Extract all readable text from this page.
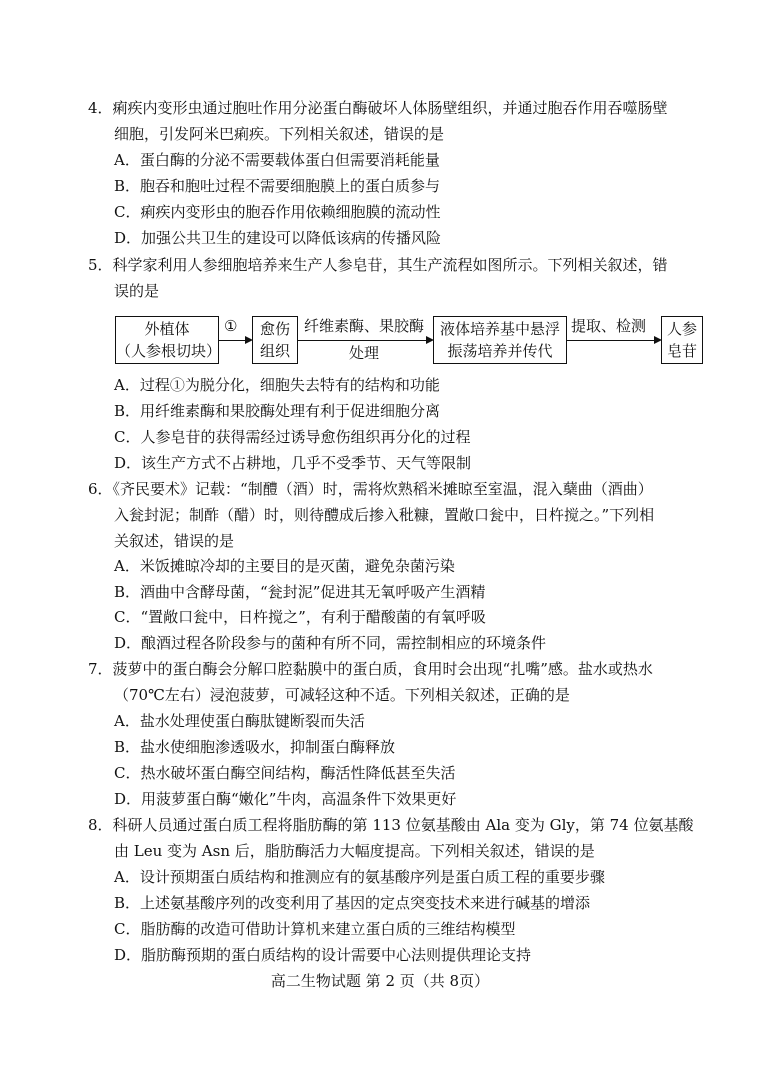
4．痢疾内变形虫通过胞吐作用分泌蛋白酶破坏人体肠壁组织，并通过胞吞作用吞噬肠壁
细胞，引发阿米巴痢疾。下列相关叙述，错误的是
A．蛋白酶的分泌不需要载体蛋白但需要消耗能量
B．胞吞和胞吐过程不需要细胞膜上的蛋白质参与
C．痢疾内变形虫的胞吞作用依赖细胞膜的流动性
D．加强公共卫生的建设可以降低该病的传播风险
5．科学家利用人参细胞培养来生产人参皂苷，其生产流程如图所示。下列相关叙述，错
误的是
外植体
（人参根切块）
① 愈伤
组织
纤维素酶、果胶酶
处理
液体培养基中悬浮
振荡培养并传代
提取、检测 人参
皂苷
A．过程①为脱分化，细胞失去特有的结构和功能
B．用纤维素酶和果胶酶处理有利于促进细胞分离
C．人参皂苷的获得需经过诱导愈伤组织再分化的过程
D．该生产方式不占耕地，几乎不受季节、天气等限制
6．《齐民要术》记载：“制醴（酒）时，需将炊熟稻米摊晾至室温，混入蘖曲（酒曲）
入瓮封泥；制酢（醋）时，则待醴成后掺入秕糠，置敞口瓮中，日杵搅之。”下列相
关叙述，错误的是
A．米饭摊晾冷却的主要目的是灭菌，避免杂菌污染
B．酒曲中含酵母菌，“瓮封泥”促进其无氧呼吸产生酒精
C．“置敞口瓮中，日杵搅之”，有利于醋酸菌的有氧呼吸
D．酿酒过程各阶段参与的菌种有所不同，需控制相应的环境条件
7．菠萝中的蛋白酶会分解口腔黏膜中的蛋白质，食用时会出现“扎嘴”感。盐水或热水
（70℃左右）浸泡菠萝，可减轻这种不适。下列相关叙述，正确的是
A．盐水处理使蛋白酶肽键断裂而失活
B．盐水使细胞渗透吸水，抑制蛋白酶释放
C．热水破坏蛋白酶空间结构，酶活性降低甚至失活
D．用菠萝蛋白酶“嫩化”牛肉，高温条件下效果更好
8．科研人员通过蛋白质工程将脂肪酶的第 113 位氨基酸由 Ala 变为 Gly，第 74 位氨基酸
由 Leu 变为 Asn 后，脂肪酶活力大幅度提高。下列相关叙述，错误的是
A．设计预期蛋白质结构和推测应有的氨基酸序列是蛋白质工程的重要步骤
B．上述氨基酸序列的改变利用了基因的定点突变技术来进行碱基的增添
C．脂肪酶的改造可借助计算机来建立蛋白质的三维结构模型
D．脂肪酶预期的蛋白质结构的设计需要中心法则提供理论支持
高二生物试题 第 2 页（共 8页）
